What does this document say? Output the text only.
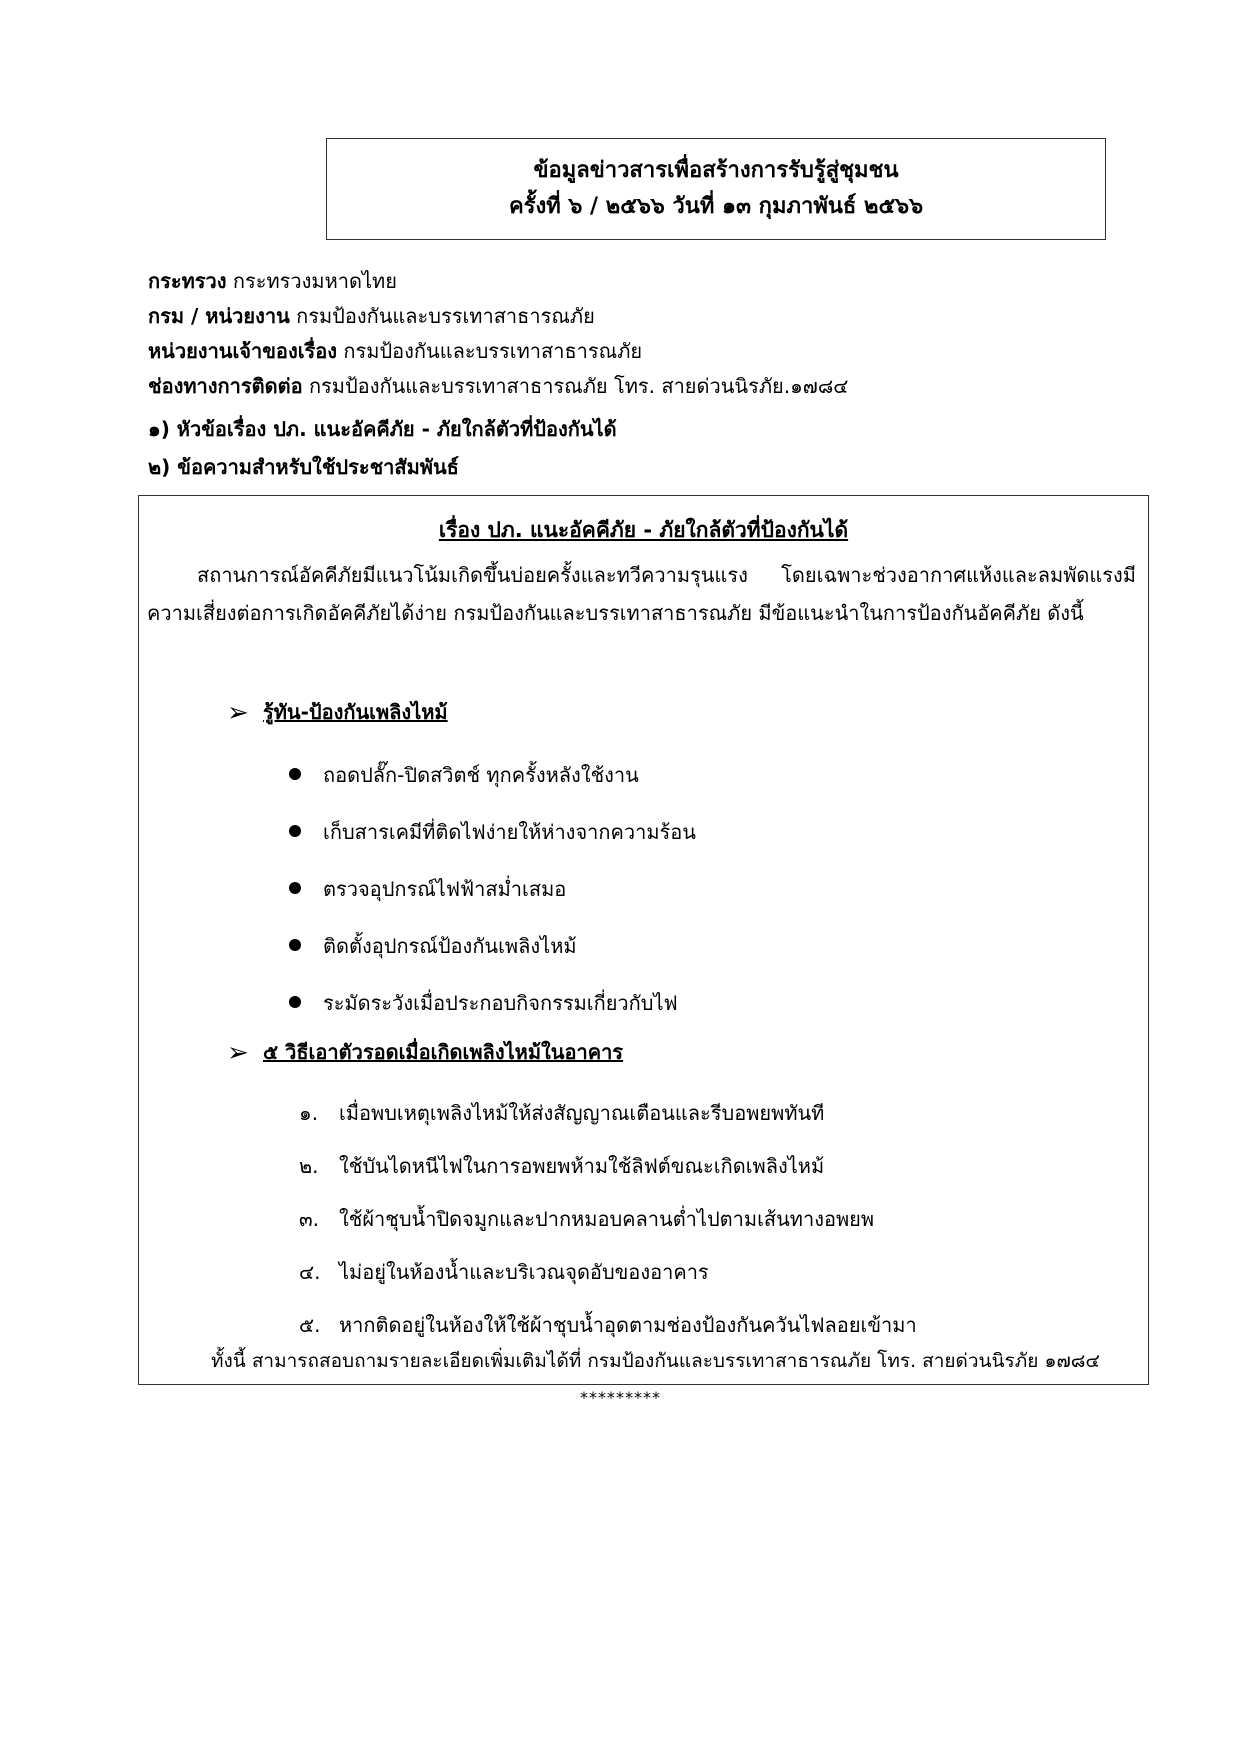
ข้อมูลข่าวสารเพื่อสร้างการรับรู้สู่ชุมชน
ครั้งที่ ๖ / ๒๕๖๖ วันที่ ๑๓ กุมภาพันธ์ ๒๕๖๖
กระทรวง กระทรวงมหาดไทย
กรม / หน่วยงาน กรมป้องกันและบรรเทาสาธารณภัย
หน่วยงานเจ้าของเรื่อง กรมป้องกันและบรรเทาสาธารณภัย
ช่องทางการติดต่อ กรมป้องกันและบรรเทาสาธารณภัย โทร. สายด่วนนิรภัย.๑๗๘๔
๑) หัวข้อเรื่อง ปภ. แนะอัคคีภัย - ภัยใกล้ตัวที่ป้องกันได้
๒) ข้อความสำหรับใช้ประชาสัมพันธ์
เรื่อง ปภ. แนะอัคคีภัย - ภัยใกล้ตัวที่ป้องกันได้
สถานการณ์อัคคีภัยมีแนวโน้มเกิดขึ้นบ่อยครั้งและทวีความรุนแรง โดยเฉพาะช่วงอากาศแห้งและลมพัดแรงมีความเสี่ยงต่อการเกิดอัคคีภัยได้ง่าย กรมป้องกันและบรรเทาสาธารณภัย มีข้อแนะนำในการป้องกันอัคคีภัย ดังนี้
➢ รู้ทัน-ป้องกันเพลิงไหม้
ถอดปลั๊ก-ปิดสวิตช์ ทุกครั้งหลังใช้งาน
เก็บสารเคมีที่ติดไฟง่ายให้ห่างจากความร้อน
ตรวจอุปกรณ์ไฟฟ้าสม่ำเสมอ
ติดตั้งอุปกรณ์ป้องกันเพลิงไหม้
ระมัดระวังเมื่อประกอบกิจกรรมเกี่ยวกับไฟ
➢ ๕ วิธีเอาตัวรอดเมื่อเกิดเพลิงไหม้ในอาคาร
๑. เมื่อพบเหตุเพลิงไหม้ให้ส่งสัญญาณเตือนและรีบอพยพทันที
๒. ใช้บันไดหนีไฟในการอพยพห้ามใช้ลิฟต์ขณะเกิดเพลิงไหม้
๓. ใช้ผ้าชุบน้ำปิดจมูกและปากหมอบคลานต่ำไปตามเส้นทางอพยพ
๔. ไม่อยู่ในห้องน้ำและบริเวณจุดอับของอาคาร
๕. หากติดอยู่ในห้องให้ใช้ผ้าชุบน้ำอุดตามช่องป้องกันควันไฟลอยเข้ามา
ทั้งนี้ สามารถสอบถามรายละเอียดเพิ่มเติมได้ที่ กรมป้องกันและบรรเทาสาธารณภัย โทร. สายด่วนนิรภัย ๑๗๘๔
*********
